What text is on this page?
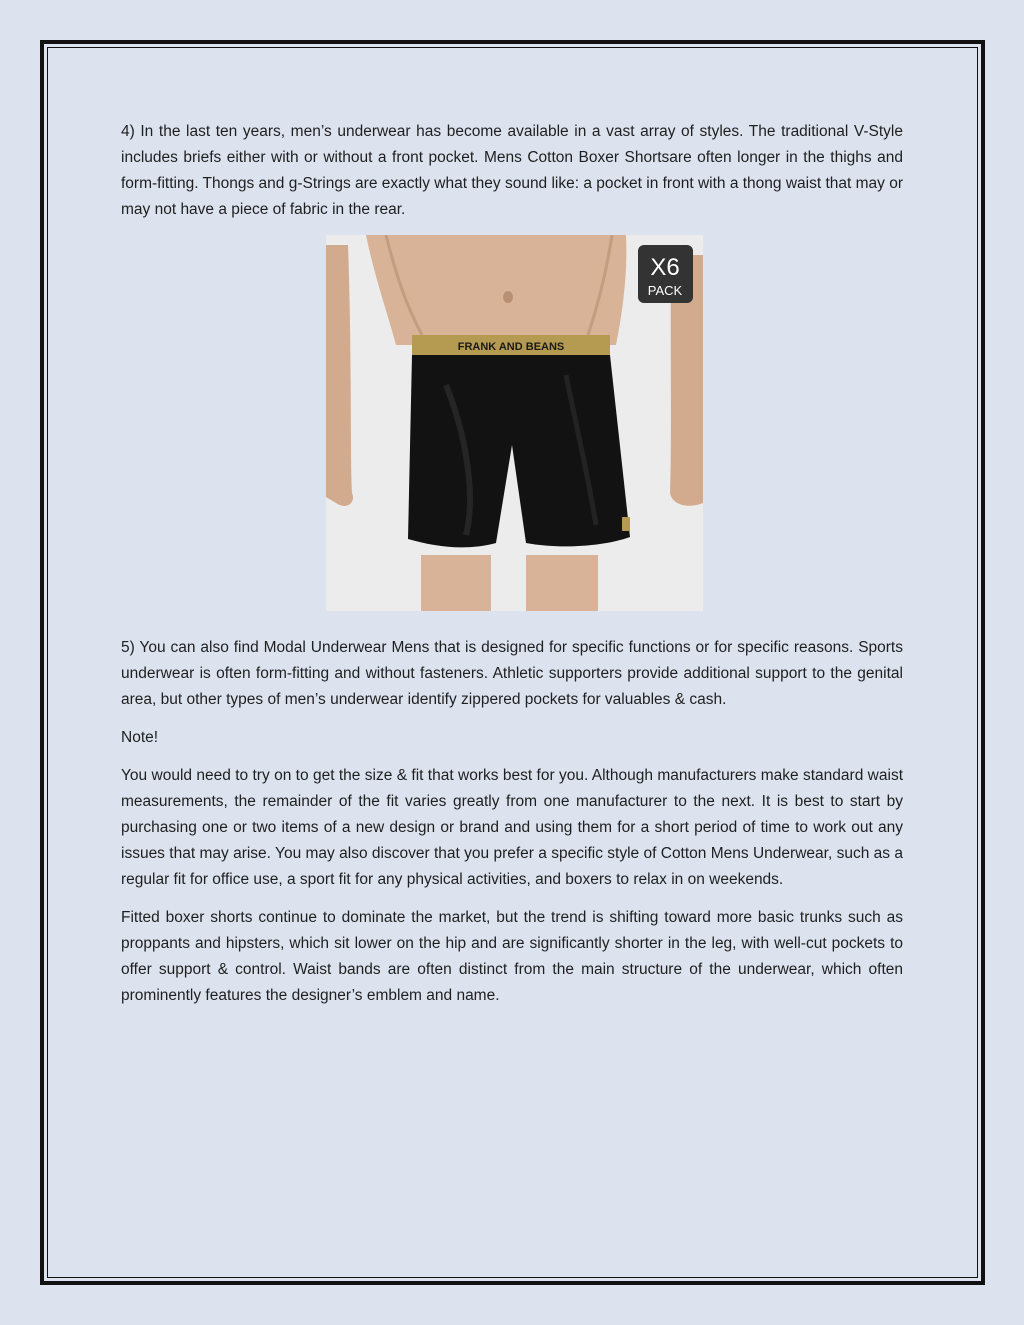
4) In the last ten years, men’s underwear has become available in a vast array of styles. The traditional V-Style includes briefs either with or without a front pocket. Mens Cotton Boxer Shortsare often longer in the thighs and form-fitting. Thongs and g-Strings are exactly what they sound like: a pocket in front with a thong waist that may or may not have a piece of fabric in the rear.

FRANK AND BEANS
X6
PACK

5) You can also find Modal Underwear Mens that is designed for specific functions or for specific reasons. Sports underwear is often form-fitting and without fasteners. Athletic supporters provide additional support to the genital area, but other types of men’s underwear identify zippered pockets for valuables & cash.

Note!

You would need to try on to get the size & fit that works best for you. Although manufacturers make standard waist measurements, the remainder of the fit varies greatly from one manufacturer to the next. It is best to start by purchasing one or two items of a new design or brand and using them for a short period of time to work out any issues that may arise. You may also discover that you prefer a specific style of Cotton Mens Underwear, such as a regular fit for office use, a sport fit for any physical activities, and boxers to relax in on weekends.

Fitted boxer shorts continue to dominate the market, but the trend is shifting toward more basic trunks such as proppants and hipsters, which sit lower on the hip and are significantly shorter in the leg, with well-cut pockets to offer support & control. Waist bands are often distinct from the main structure of the underwear, which often prominently features the designer’s emblem and name.
